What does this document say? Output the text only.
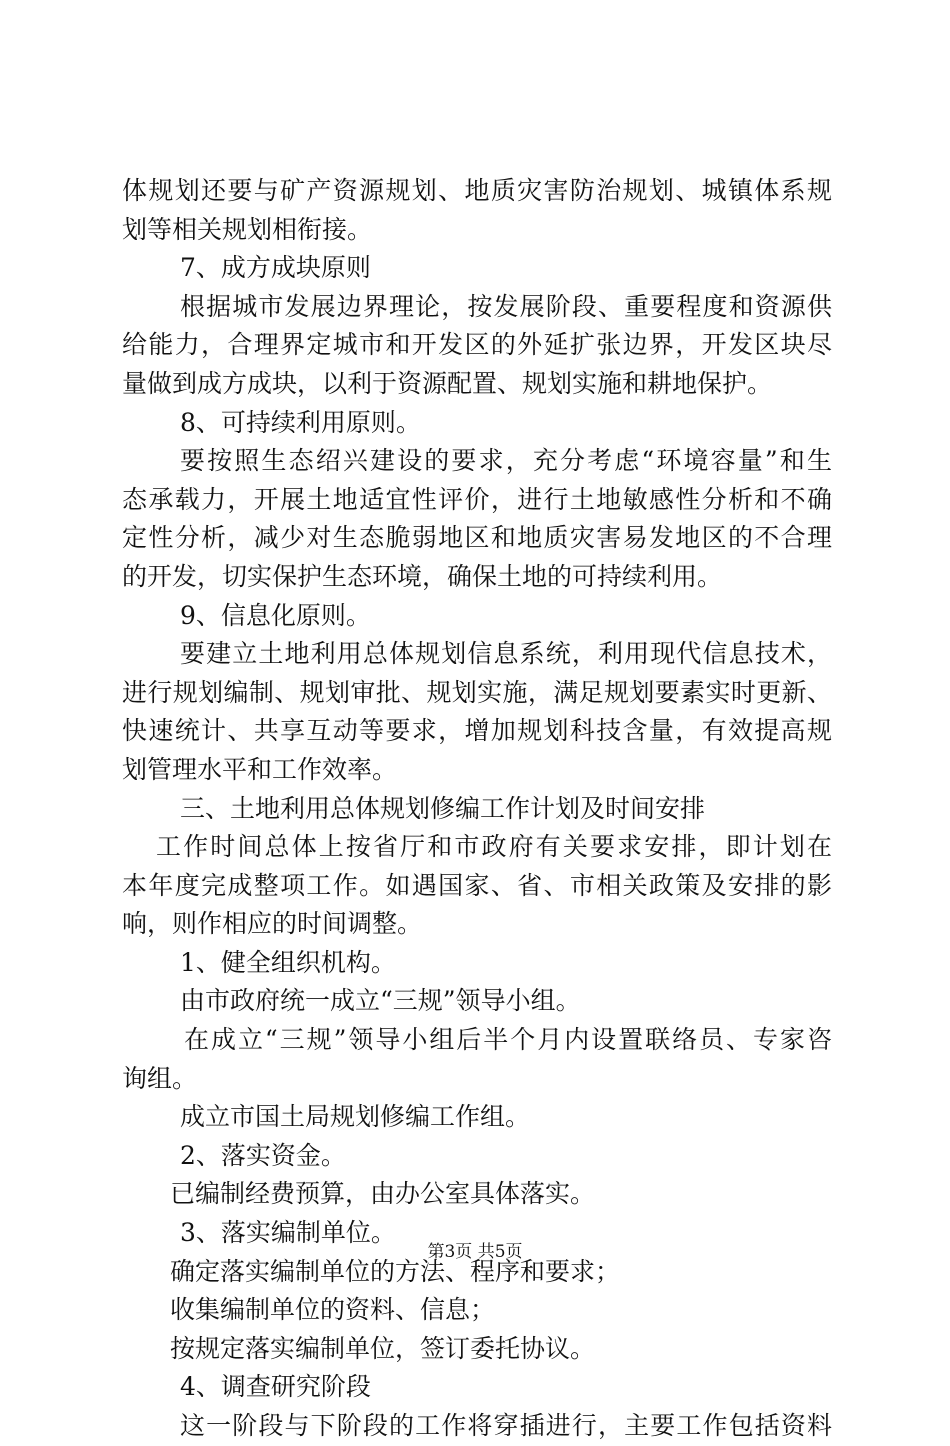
体规划还要与矿产资源规划、地质灾害防治规划、城镇体系规
划等相关规划相衔接。
7、成方成块原则
根据城市发展边界理论，按发展阶段、重要程度和资源供
给能力，合理界定城市和开发区的外延扩张边界，开发区块尽
量做到成方成块，以利于资源配置、规划实施和耕地保护。
8、可持续利用原则。
要按照生态绍兴建设的要求，充分考虑“环境容量”和生
态承载力，开展土地适宜性评价，进行土地敏感性分析和不确
定性分析，减少对生态脆弱地区和地质灾害易发地区的不合理
的开发，切实保护生态环境，确保土地的可持续利用。
9、信息化原则。
要建立土地利用总体规划信息系统，利用现代信息技术，
进行规划编制、规划审批、规划实施，满足规划要素实时更新、
快速统计、共享互动等要求，增加规划科技含量，有效提高规
划管理水平和工作效率。
三、土地利用总体规划修编工作计划及时间安排
工作时间总体上按省厅和市政府有关要求安排，即计划在
本年度完成整项工作。如遇国家、省、市相关政策及安排的影
响，则作相应的时间调整。
1、健全组织机构。
由市政府统一成立“三规”领导小组。
在成立“三规”领导小组后半个月内设置联络员、专家咨
询组。
成立市国土局规划修编工作组。
2、落实资金。
已编制经费预算，由办公室具体落实。
3、落实编制单位。
确定落实编制单位的方法、程序和要求；
收集编制单位的资料、信息；
按规定落实编制单位，签订委托协议。
4、调查研究阶段
这一阶段与下阶段的工作将穿插进行，主要工作包括资料
第3页 共5页
